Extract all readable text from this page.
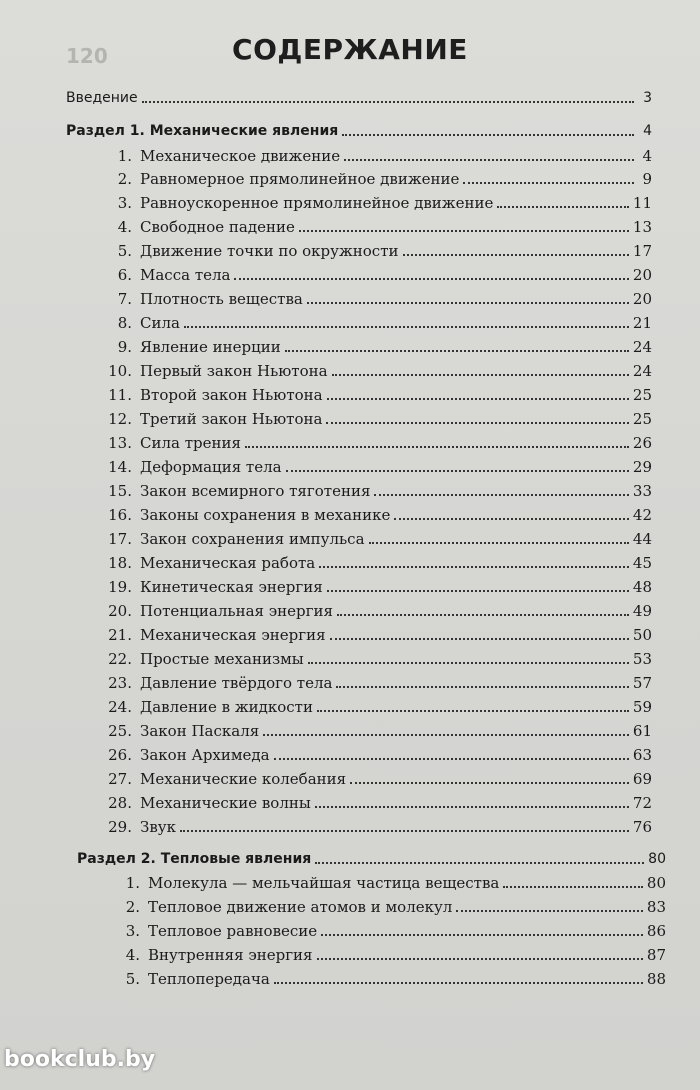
120	СОДЕРЖАНИЕ
Введение	3
Раздел 1. Механические явления	4
1. Механическое движение	4
2. Равномерное прямолинейное движение	9
3. Равноускоренное прямолинейное движение	11
4. Свободное падение	13
5. Движение точки по окружности	17
6. Масса тела	20
7. Плотность вещества	20
8. Сила	21
9. Явление инерции	24
10. Первый закон Ньютона	24
11. Второй закон Ньютона	25
12. Третий закон Ньютона	25
13. Сила трения	26
14. Деформация тела	29
15. Закон всемирного тяготения	33
16. Законы сохранения в механике	42
17. Закон сохранения импульса	44
18. Механическая работа	45
19. Кинетическая энергия	48
20. Потенциальная энергия	49
21. Механическая энергия	50
22. Простые механизмы	53
23. Давление твёрдого тела	57
24. Давление в жидкости	59
25. Закон Паскаля	61
26. Закон Архимеда	63
27. Механические колебания	69
28. Механические волны	72
29. Звук	76
Раздел 2. Тепловые явления	80
1. Молекула — мельчайшая частица вещества	80
2. Тепловое движение атомов и молекул	83
3. Тепловое равновесие	86
4. Внутренняя энергия	87
5. Теплопередача	88
bookclub.by
